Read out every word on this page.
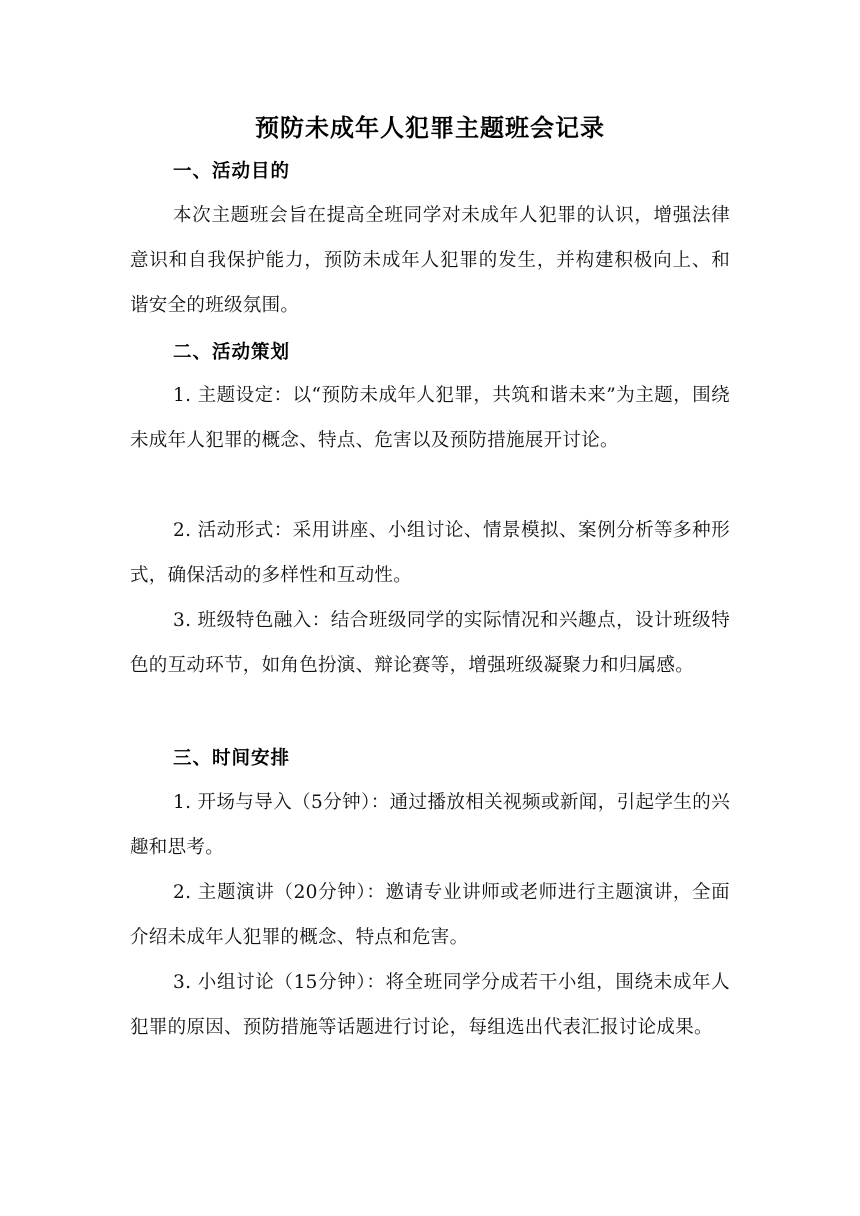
预防未成年人犯罪主题班会记录
一、活动目的

本次主题班会旨在提高全班同学对未成年人犯罪的认识，增强法律意识和自我保护能力，预防未成年人犯罪的发生，并构建积极向上、和谐安全的班级氛围。

二、活动策划

1. 主题设定：以“预防未成年人犯罪，共筑和谐未来”为主题，围绕未成年人犯罪的概念、特点、危害以及预防措施展开讨论。

2. 活动形式：采用讲座、小组讨论、情景模拟、案例分析等多种形式，确保活动的多样性和互动性。

3. 班级特色融入：结合班级同学的实际情况和兴趣点，设计班级特色的互动环节，如角色扮演、辩论赛等，增强班级凝聚力和归属感。

三、时间安排

1. 开场与导入（5分钟）：通过播放相关视频或新闻，引起学生的兴趣和思考。

2. 主题演讲（20分钟）：邀请专业讲师或老师进行主题演讲，全面介绍未成年人犯罪的概念、特点和危害。

3. 小组讨论（15分钟）：将全班同学分成若干小组，围绕未成年人犯罪的原因、预防措施等话题进行讨论，每组选出代表汇报讨论成果。
